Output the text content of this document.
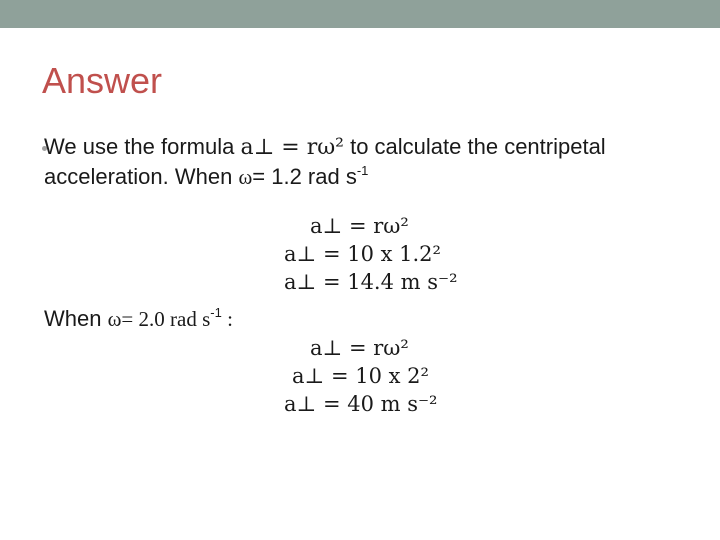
Answer
We use the formula a⊥ = rω² to calculate the centripetal acceleration. When ω= 1.2 rad $s^{-1}$
a⊥ = rω²
a⊥ = 10 x 1.2²
a⊥ = 14.4 m s⁻²
When ω= 2.0 rad $s^{-1}$ :
a⊥ = rω²
a⊥ = 10 x 2²
a⊥ = 40 m s⁻²
